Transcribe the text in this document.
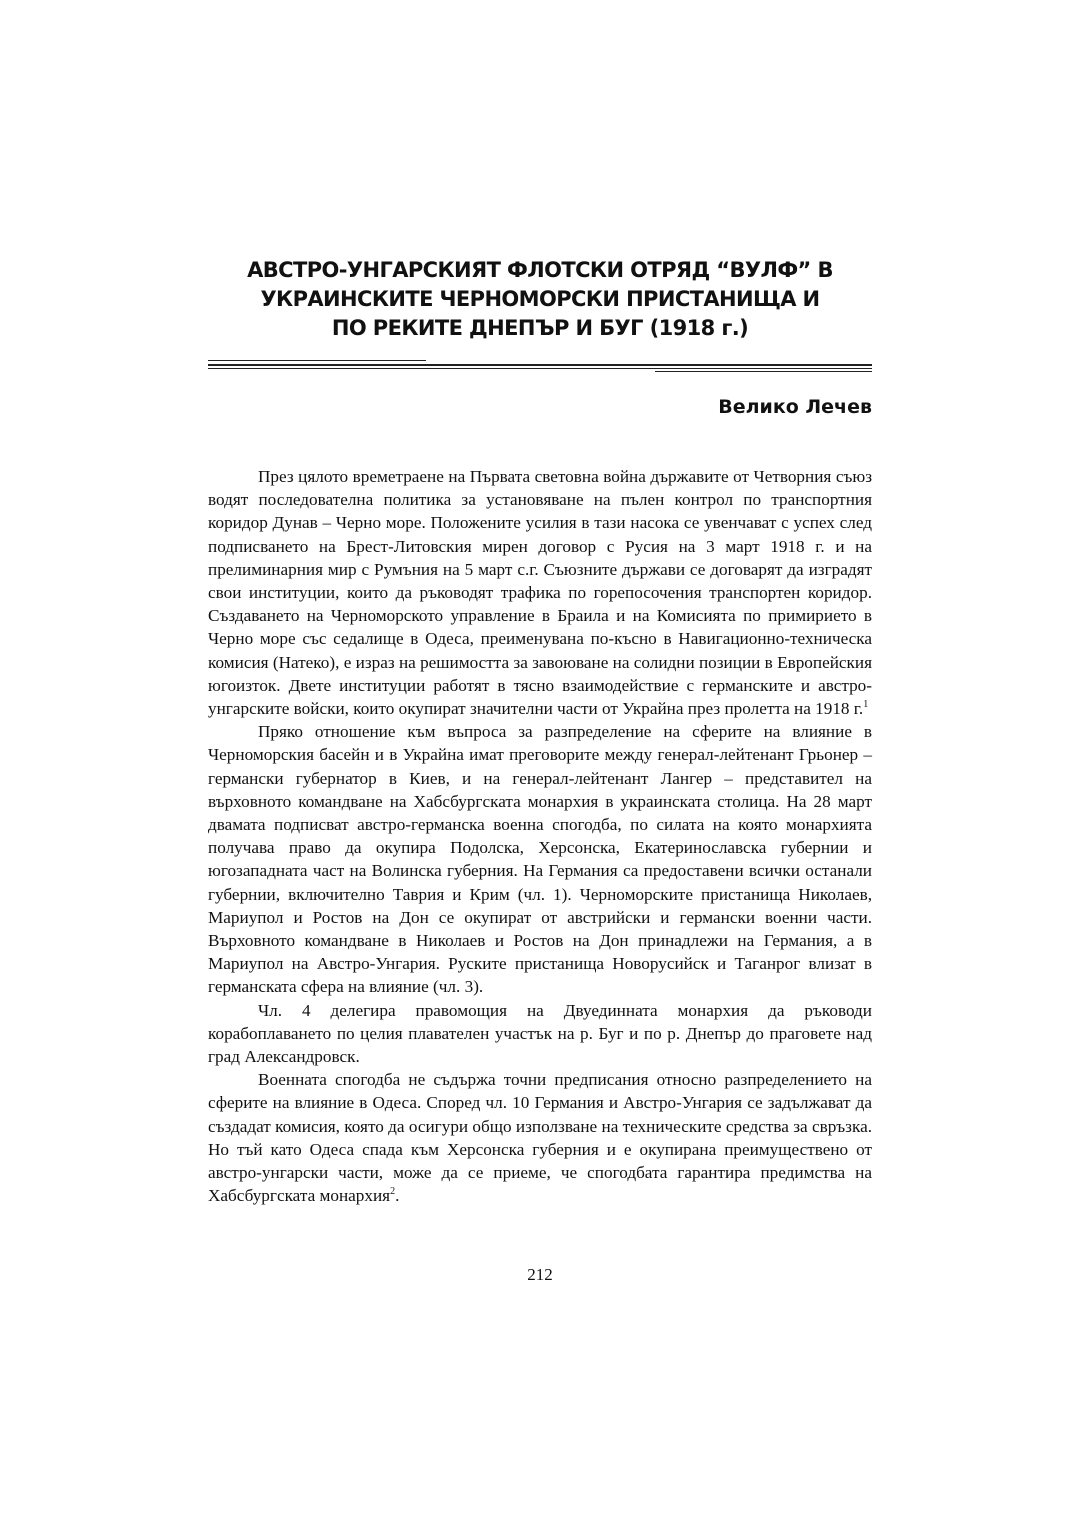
АВСТРО-УНГАРСКИЯТ ФЛОТСКИ ОТРЯД “ВУЛФ” В
УКРАИНСКИТЕ ЧЕРНОМОРСКИ ПРИСТАНИЩА И
ПО РЕКИТЕ ДНЕПЪР И БУГ (1918 г.)
Велико Лечев

През цялото времетраене на Първата световна война държавите от Четворния съюз водят последователна политика за установяване на пълен контрол по транспортния коридор Дунав – Черно море. Положените усилия в тази насока се увенчават с успех след подписването на Брест-Литовския мирен договор с Русия на 3 март 1918 г. и на прелиминарния мир с Румъния на 5 март с.г. Съюзните държави се договарят да изградят свои институции, които да ръководят трафика по горепосочения транспортен коридор. Създаването на Черноморското управление в Браила и на Комисията по примирието в Черно море със седалище в Одеса, преименувана по-късно в Навигационно-техническа комисия (Натеко), е израз на решимостта за завоюване на солидни позиции в Европейския югоизток. Двете институции работят в тясно взаимодействие с германските и австро-унгарските войски, които окупират значителни части от Украйна през пролетта на 1918 г.$^1$

Пряко отношение към въпроса за разпределение на сферите на влияние в Черноморския басейн и в Украйна имат преговорите между генерал-лейтенант Грьонер – германски губернатор в Киев, и на генерал-лейтенант Лангер – представител на върховното командване на Хабсбургската монархия в украинската столица. На 28 март двамата подписват австро-германска военна спогодба, по силата на която монархията получава право да окупира Подолска, Херсонска, Екатеринославска губернии и югозападната част на Волинска губерния. На Германия са предоставени всички останали губернии, включително Таврия и Крим (чл. 1). Черноморските пристанища Николаев, Мариупол и Ростов на Дон се окупират от австрийски и германски военни части. Върховното командване в Николаев и Ростов на Дон принадлежи на Германия, а в Мариупол на Австро-Унгария. Руските пристанища Новорусийск и Таганрог влизат в германската сфера на влияние (чл. 3).

Чл. 4 делегира правомощия на Двуединната монархия да ръководи корабоплаването по целия плавателен участък на р. Буг и по р. Днепър до праговете над град Александровск.

Военната спогодба не съдържа точни предписания относно разпределението на сферите на влияние в Одеса. Според чл. 10 Германия и Австро-Унгария се задължават да създадат комисия, която да осигури общо използване на техническите средства за свръзка. Но тъй като Одеса спада към Херсонска губерния и е окупирана преимуществено от австро-унгарски части, може да се приеме, че спогодбата гарантира предимства на Хабсбургската монархия$^2$.

212
